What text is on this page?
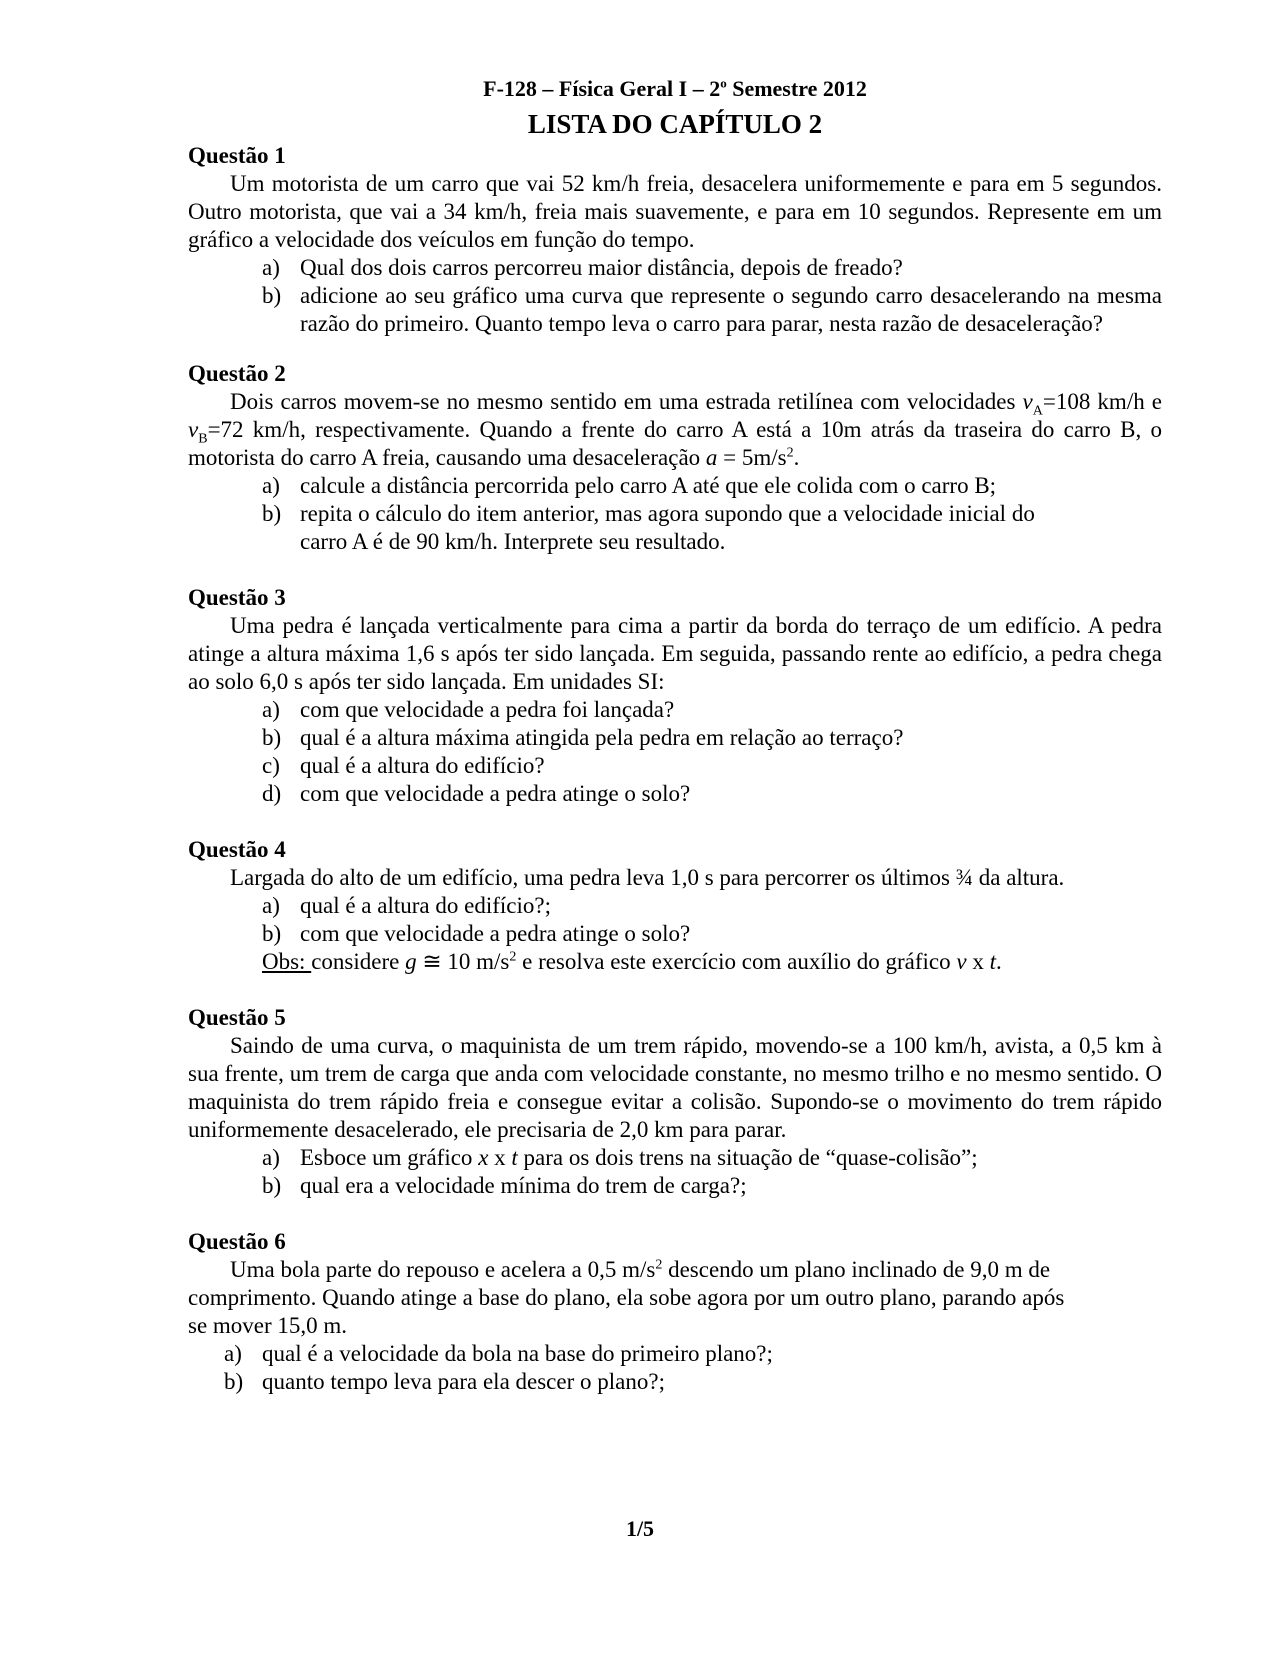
F-128 – Física Geral I – 2$^o$ Semestre 2012
LISTA DO CAPÍTULO 2
Questão 1
Um motorista de um carro que vai 52 km/h freia, desacelera uniformemente e para em 5 segundos. Outro motorista, que vai a 34 km/h, freia mais suavemente, e para em 10 segundos. Represente em um gráfico a velocidade dos veículos em função do tempo.
a) Qual dos dois carros percorreu maior distância, depois de freado?
b) adicione ao seu gráfico uma curva que represente o segundo carro desacelerando na mesma razão do primeiro. Quanto tempo leva o carro para parar, nesta razão de desaceleração?
Questão 2
Dois carros movem-se no mesmo sentido em uma estrada retilínea com velocidades $v_A=108$ km/h e $v_B=72$ km/h, respectivamente. Quando a frente do carro A está a 10m atrás da traseira do carro B, o motorista do carro A freia, causando uma desaceleração $a = 5m/s^2$.
a) calcule a distância percorrida pelo carro A até que ele colida com o carro B;
b) repita o cálculo do item anterior, mas agora supondo que a velocidade inicial do carro A é de 90 km/h. Interprete seu resultado.
Questão 3
Uma pedra é lançada verticalmente para cima a partir da borda do terraço de um edifício. A pedra atinge a altura máxima 1,6 s após ter sido lançada. Em seguida, passando rente ao edifício, a pedra chega ao solo 6,0 s após ter sido lançada. Em unidades SI:
a) com que velocidade a pedra foi lançada?
b) qual é a altura máxima atingida pela pedra em relação ao terraço?
c) qual é a altura do edifício?
d) com que velocidade a pedra atinge o solo?
Questão 4
Largada do alto de um edifício, uma pedra leva 1,0 s para percorrer os últimos ¾ da altura.
a) qual é a altura do edifício?;
b) com que velocidade a pedra atinge o solo?
Obs: considere g ≅ 10 $m/s^2$ e resolva este exercício com auxílio do gráfico v x t.
Questão 5
Saindo de uma curva, o maquinista de um trem rápido, movendo-se a 100 km/h, avista, a 0,5 km à sua frente, um trem de carga que anda com velocidade constante, no mesmo trilho e no mesmo sentido. O maquinista do trem rápido freia e consegue evitar a colisão. Supondo-se o movimento do trem rápido uniformemente desacelerado, ele precisaria de 2,0 km para parar.
a) Esboce um gráfico x x t para os dois trens na situação de “quase-colisão”;
b) qual era a velocidade mínima do trem de carga?;
Questão 6
Uma bola parte do repouso e acelera a 0,5 $m/s^2$ descendo um plano inclinado de 9,0 m de comprimento. Quando atinge a base do plano, ela sobe agora por um outro plano, parando após se mover 15,0 m.
a) qual é a velocidade da bola na base do primeiro plano?;
b) quanto tempo leva para ela descer o plano?;
1/5
